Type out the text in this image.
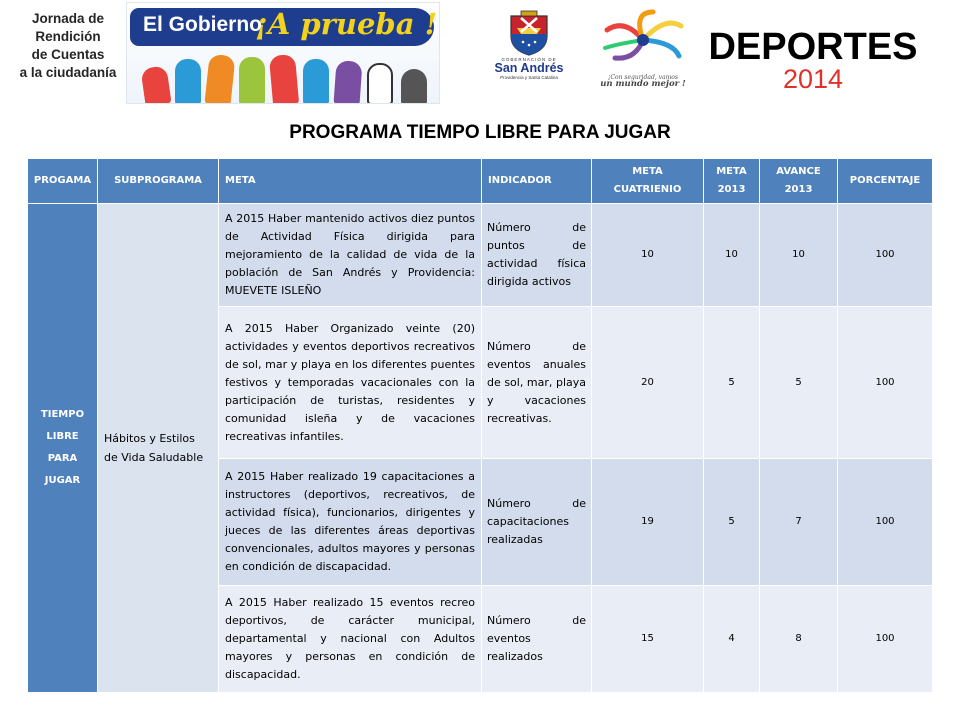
Jornada de
Rendición
de Cuentas
a la ciudadanía
El Gobierno
¡A prueba !
GOBERNACIÓN DE
San Andrés
Providencia y Santa Catalina	¡Con seguridad, vamos
un mundo mejor !
DEPORTES
2014
PROGRAMA TIEMPO LIBRE PARA JUGAR
PROGAMA	SUBPROGRAMA	META	INDICADOR	META CUATRIENIO	META 2013	AVANCE 2013	PORCENTAJE
TIEMPO LIBRE PARA JUGAR	Hábitos y Estilos de Vida Saludable	A 2015 Haber mantenido activos diez puntos de Actividad Física dirigida para mejoramiento de la calidad de vida de la población de San Andrés y Providencia: MUEVETE ISLEÑO	Número de puntos de actividad física dirigida activos	10	10	10	100
		A 2015 Haber Organizado veinte (20) actividades y eventos deportivos recreativos de sol, mar y playa en los diferentes puentes festivos y temporadas vacacionales con la participación de turistas, residentes y comunidad isleña y de vacaciones recreativas infantiles.	Número de eventos anuales de sol, mar, playa y vacaciones recreativas.	20	5	5	100
		A 2015 Haber realizado 19 capacitaciones a instructores (deportivos, recreativos, de actividad física), funcionarios, dirigentes y jueces de las diferentes áreas deportivas convencionales, adultos mayores y personas en condición de discapacidad.	Número de capacitaciones realizadas	19	5	7	100
		A 2015 Haber realizado 15 eventos recreo deportivos, de carácter municipal, departamental y nacional con Adultos mayores y personas en condición de discapacidad.	Número de eventos realizados	15	4	8	100
